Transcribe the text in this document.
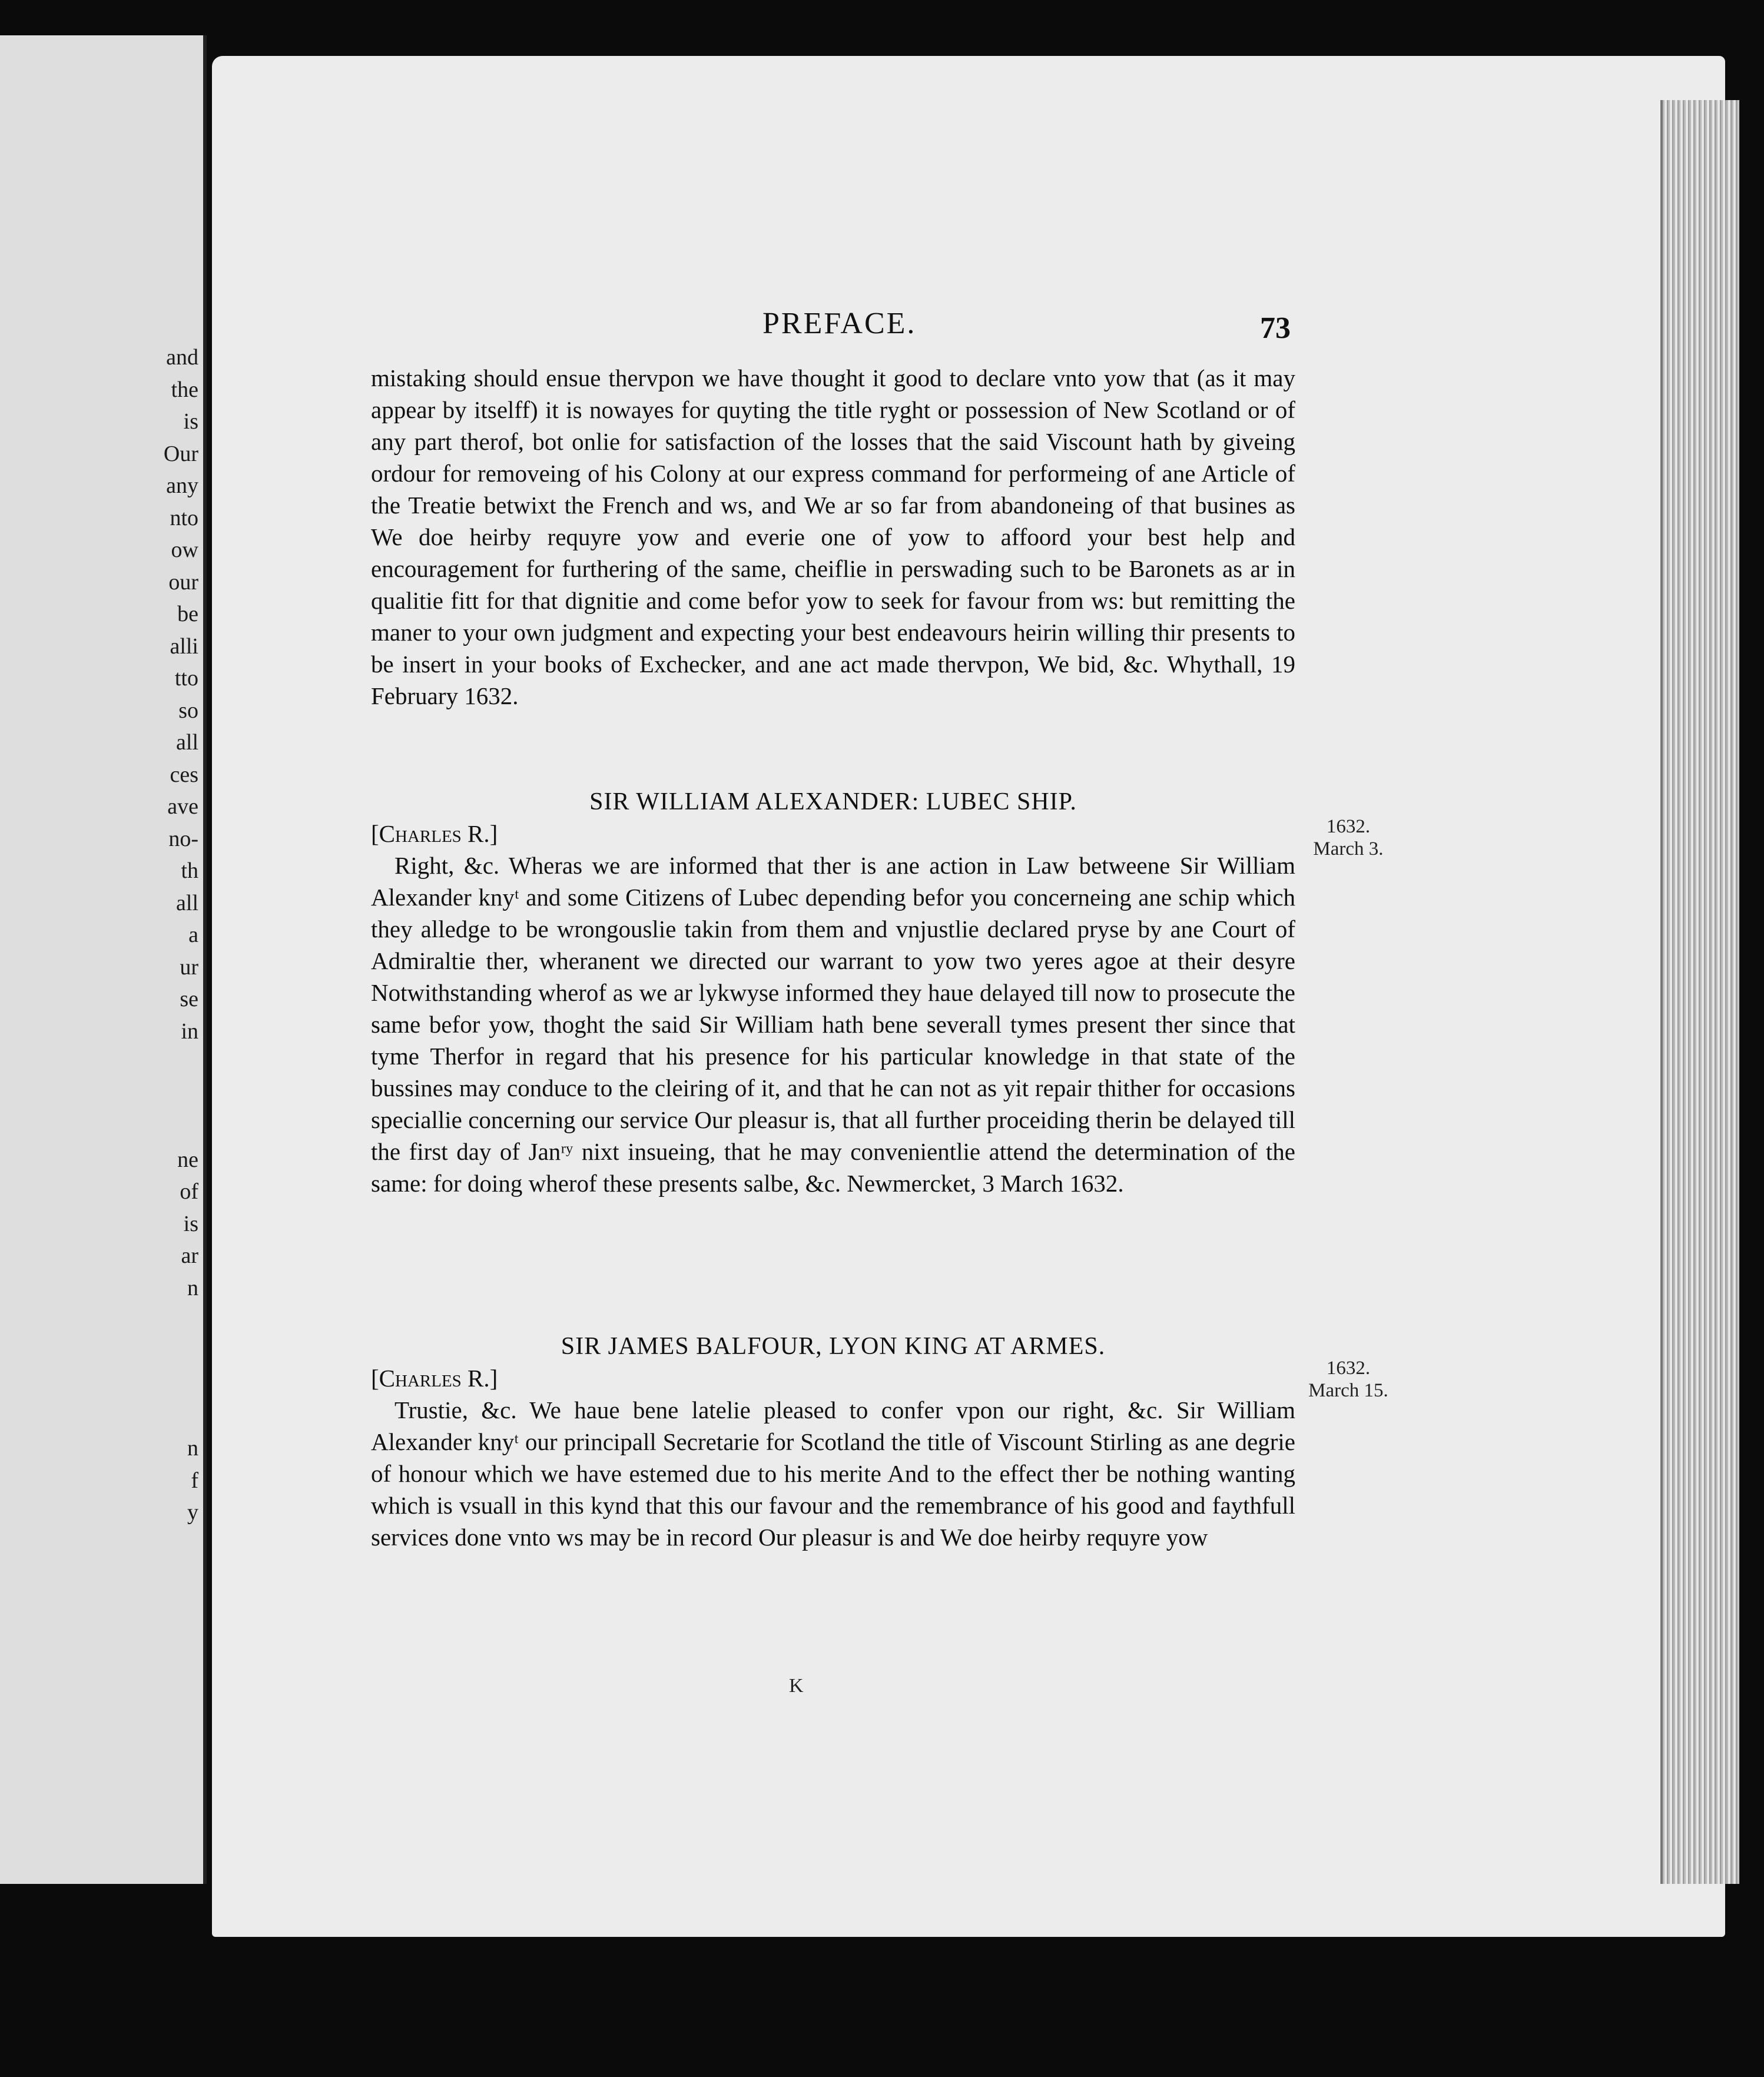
and
the
is
Our
any
nto
ow
our
be
alli
tto
so
all
ces
ave
no-
th
all
a
ur
se
in
ne
of
is
ar
n
n
f
y
PREFACE.	73

mistaking should ensue thervpon we have thought it good to declare vnto yow that (as it may appear by itselff) it is nowayes for quyting the title ryght or possession of New Scotland or of any part therof, bot onlie for satisfaction of the losses that the said Viscount hath by giveing ordour for removeing of his Colony at our express command for performeing of ane Article of the Treatie betwixt the French and ws, and We ar so far from abandoneing of that busines as We doe heirby requyre yow and everie one of yow to affoord your best help and encouragement for furthering of the same, cheiflie in perswading such to be Baronets as ar in qualitie fitt for that dignitie and come befor yow to seek for favour from ws: but remitting the maner to your own judgment and expecting your best endeavours heirin willing thir presents to be insert in your books of Exchecker, and ane act made thervpon, We bid, &c. Whythall, 19 February 1632.

SIR WILLIAM ALEXANDER: LUBEC SHIP.

[Charles R.]

Right, &c. Wheras we are informed that ther is ane action in Law betweene Sir William Alexander knyᵗ and some Citizens of Lubec depending befor you concerneing ane schip which they alledge to be wrongouslie takin from them and vnjustlie declared pryse by ane Court of Admiraltie ther, wheranent we directed our warrant to yow two yeres agoe at their desyre Notwithstanding wherof as we ar lykwyse informed they haue delayed till now to prosecute the same befor yow, thoght the said Sir William hath bene severall tymes present ther since that tyme Therfor in regard that his presence for his particular knowledge in that state of the bussines may conduce to the cleiring of it, and that he can not as yit repair thither for occasions speciallie concerning our service Our pleasur is, that all further proceiding therin be delayed till the first day of Janʳʸ nixt insueing, that he may convenientlie attend the determination of the same: for doing wherof these presents salbe, &c. Newmercket, 3 March 1632.

1632.
March 3.

SIR JAMES BALFOUR, LYON KING AT ARMES.

[Charles R.]

Trustie, &c. We haue bene latelie pleased to confer vpon our right, &c. Sir William Alexander knyᵗ our principall Secretarie for Scotland the title of Viscount Stirling as ane degrie of honour which we have estemed due to his merite And to the effect ther be nothing wanting which is vsuall in this kynd that this our favour and the remembrance of his good and faythfull services done vnto ws may be in record Our pleasur is and We doe heirby requyre yow

1632.
March 15.
K
